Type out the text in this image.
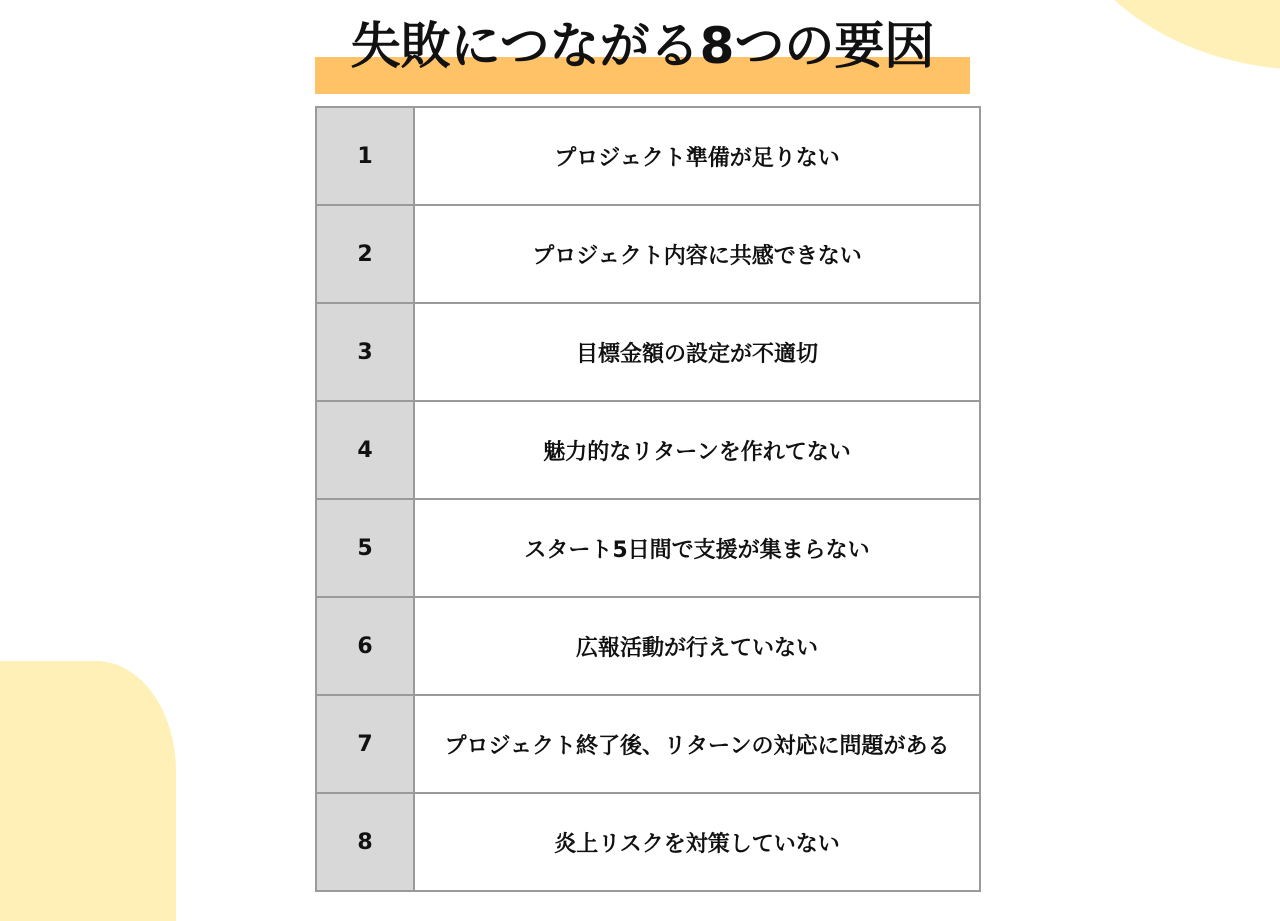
失敗につながる8つの要因
1	プロジェクト準備が足りない
2	プロジェクト内容に共感できない
3	目標金額の設定が不適切
4	魅力的なリターンを作れてない
5	スタート5日間で支援が集まらない
6	広報活動が行えていない
7	プロジェクト終了後、リターンの対応に問題がある
8	炎上リスクを対策していない
